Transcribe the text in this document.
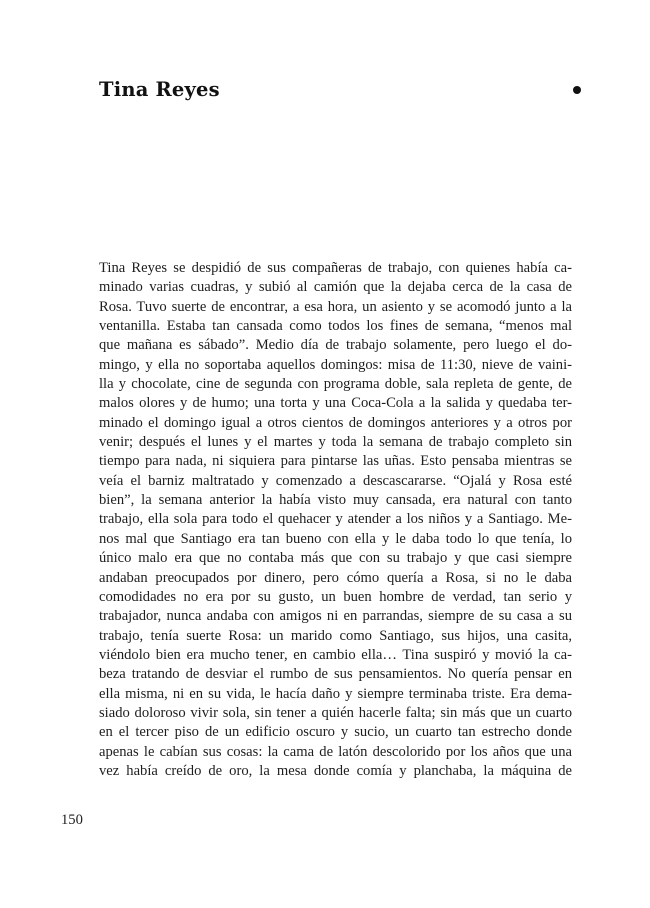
Tina Reyes
Tina Reyes se despidió de sus compañeras de trabajo, con quienes había ca-
minado varias cuadras, y subió al camión que la dejaba cerca de la casa de
Rosa. Tuvo suerte de encontrar, a esa hora, un asiento y se acomodó junto a la
ventanilla. Estaba tan cansada como todos los fines de semana, “menos mal
que mañana es sábado”. Medio día de trabajo solamente, pero luego el do-
mingo, y ella no soportaba aquellos domingos: misa de 11:30, nieve de vaini-
lla y chocolate, cine de segunda con programa doble, sala repleta de gente, de
malos olores y de humo; una torta y una Coca-Cola a la salida y quedaba ter-
minado el domingo igual a otros cientos de domingos anteriores y a otros por
venir; después el lunes y el martes y toda la semana de trabajo completo sin
tiempo para nada, ni siquiera para pintarse las uñas. Esto pensaba mientras se
veía el barniz maltratado y comenzado a descascararse. “Ojalá y Rosa esté
bien”, la semana anterior la había visto muy cansada, era natural con tanto
trabajo, ella sola para todo el quehacer y atender a los niños y a Santiago. Me-
nos mal que Santiago era tan bueno con ella y le daba todo lo que tenía, lo
único malo era que no contaba más que con su trabajo y que casi siempre
andaban preocupados por dinero, pero cómo quería a Rosa, si no le daba
comodidades no era por su gusto, un buen hombre de verdad, tan serio y
trabajador, nunca andaba con amigos ni en parrandas, siempre de su casa a su
trabajo, tenía suerte Rosa: un marido como Santiago, sus hijos, una casita,
viéndolo bien era mucho tener, en cambio ella… Tina suspiró y movió la ca-
beza tratando de desviar el rumbo de sus pensamientos. No quería pensar en
ella misma, ni en su vida, le hacía daño y siempre terminaba triste. Era dema-
siado doloroso vivir sola, sin tener a quién hacerle falta; sin más que un cuarto
en el tercer piso de un edificio oscuro y sucio, un cuarto tan estrecho donde
apenas le cabían sus cosas: la cama de latón descolorido por los años que una
vez había creído de oro, la mesa donde comía y planchaba, la máquina de

150
